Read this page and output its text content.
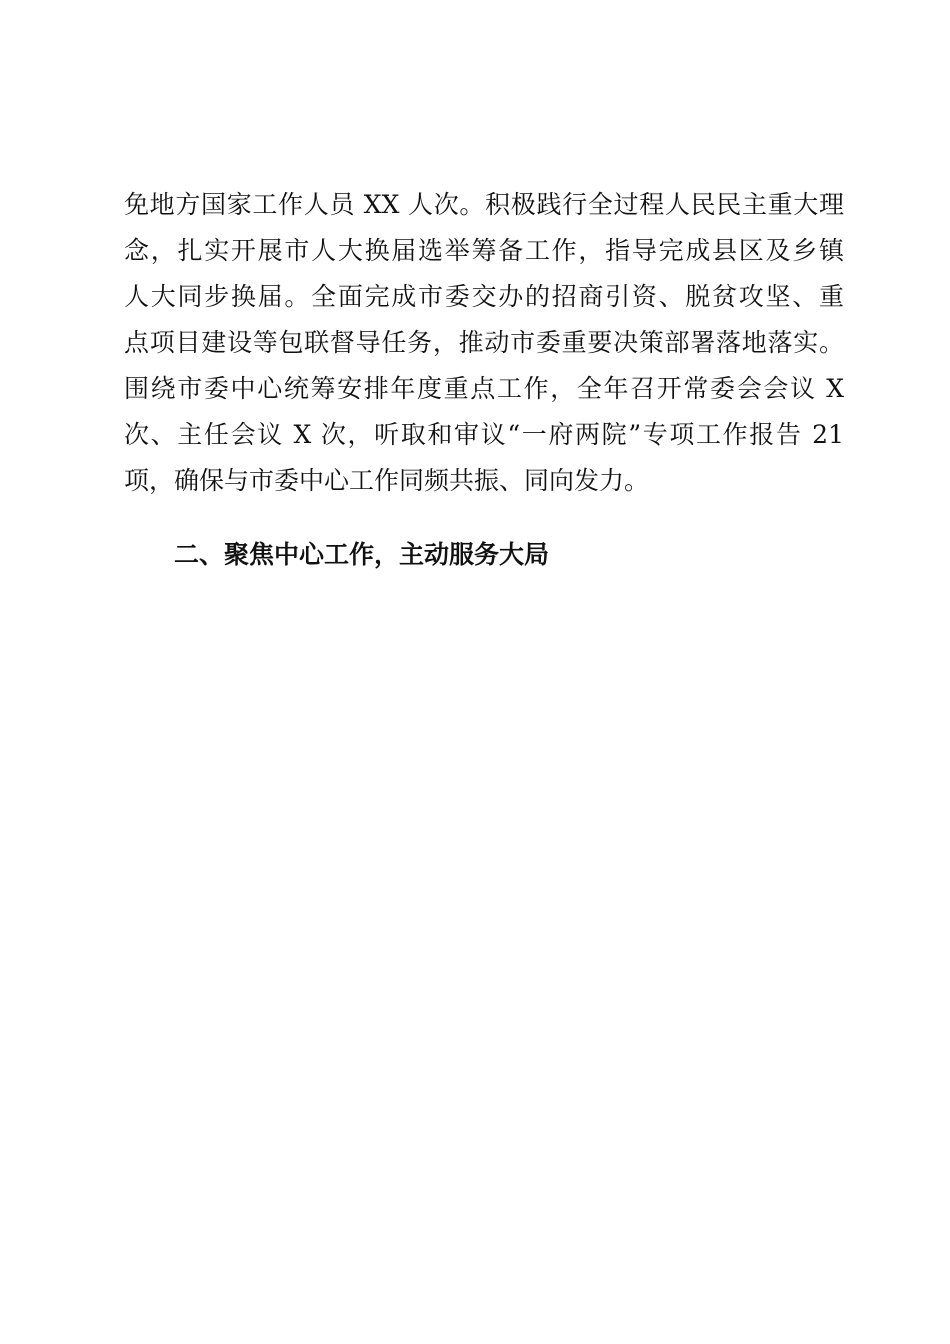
免地方国家工作人员 XX 人次。积极践行全过程人民民主重大理
念，扎实开展市人大换届选举筹备工作，指导完成县区及乡镇
人大同步换届。全面完成市委交办的招商引资、脱贫攻坚、重
点项目建设等包联督导任务，推动市委重要决策部署落地落实。
围绕市委中心统筹安排年度重点工作，全年召开常委会会议 X
次、主任会议 X 次，听取和审议“一府两院”专项工作报告 21
项，确保与市委中心工作同频共振、同向发力。
二、聚焦中心工作，主动服务大局
